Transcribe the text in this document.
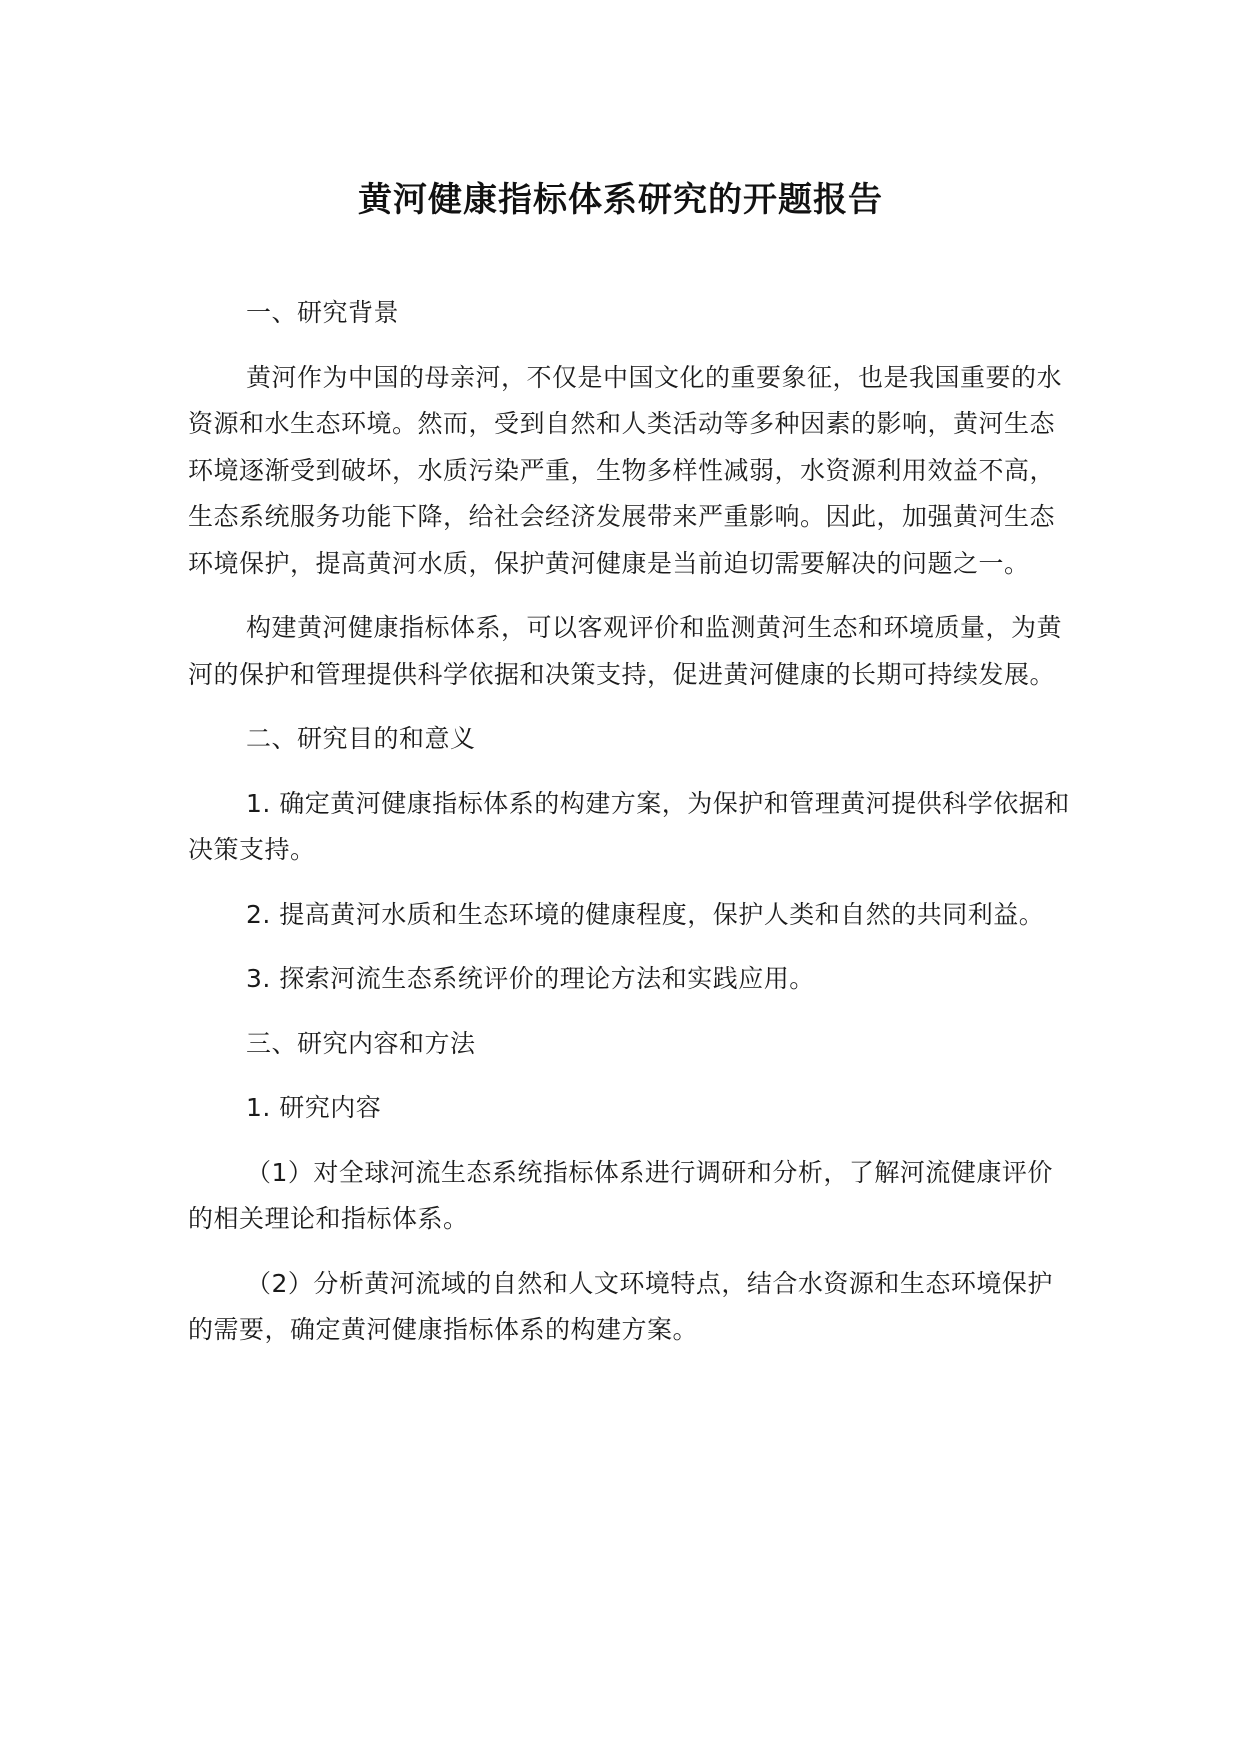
黄河健康指标体系研究的开题报告

一、研究背景

黄河作为中国的母亲河，不仅是中国文化的重要象征，也是我国重要的水资源和水生态环境。然而，受到自然和人类活动等多种因素的影响，黄河生态环境逐渐受到破坏，水质污染严重，生物多样性减弱，水资源利用效益不高，生态系统服务功能下降，给社会经济发展带来严重影响。因此，加强黄河生态环境保护，提高黄河水质，保护黄河健康是当前迫切需要解决的问题之一。

构建黄河健康指标体系，可以客观评价和监测黄河生态和环境质量，为黄河的保护和管理提供科学依据和决策支持，促进黄河健康的长期可持续发展。

二、研究目的和意义

1. 确定黄河健康指标体系的构建方案，为保护和管理黄河提供科学依据和决策支持。

2. 提高黄河水质和生态环境的健康程度，保护人类和自然的共同利益。

3. 探索河流生态系统评价的理论方法和实践应用。

三、研究内容和方法

1. 研究内容

（1）对全球河流生态系统指标体系进行调研和分析，了解河流健康评价的相关理论和指标体系。

（2）分析黄河流域的自然和人文环境特点，结合水资源和生态环境保护的需要，确定黄河健康指标体系的构建方案。
